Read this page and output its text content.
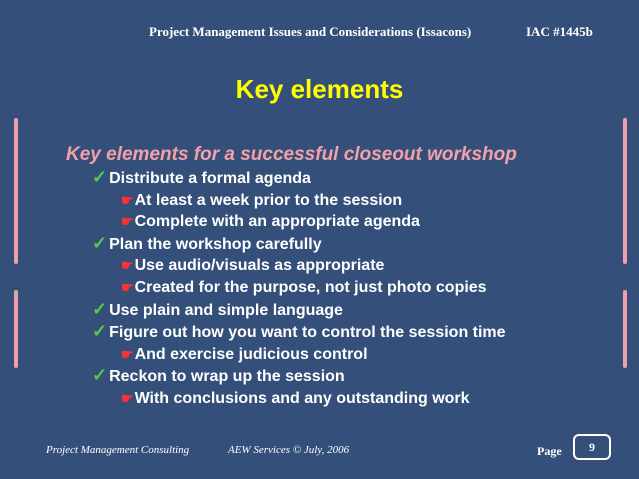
Project Management Issues and Considerations (Issacons)	IAC #1445b
Key elements
Key elements for a successful closeout workshop
✓ Distribute a formal agenda
☛At least a week prior to the session
☛Complete with an appropriate agenda
✓ Plan the workshop carefully
☛Use audio/visuals as appropriate
☛Created for the purpose, not just photo copies
✓ Use plain and simple language
✓ Figure out how you want to control the session time
☛And exercise judicious control
✓ Reckon to wrap up the session
☛With conclusions and any outstanding work
Project Management Consulting	AEW Services © July, 2006	Page	9
